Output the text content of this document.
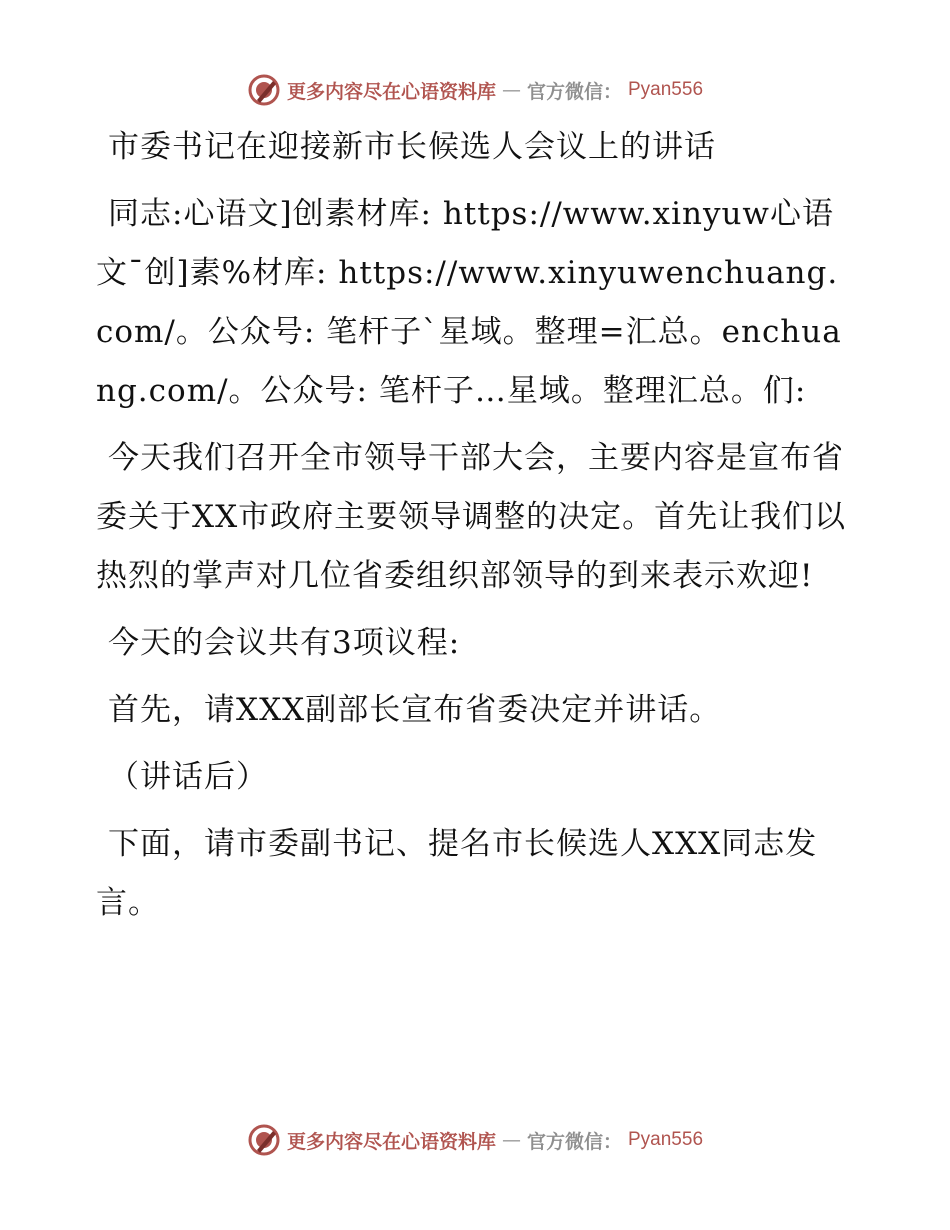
更多内容尽在心语资料库 — 官方微信： Pyan556

市委书记在迎接新市长候选人会议上的讲话

同志:心语文]创素材库: https://www.xinyuw心语文¯创]素%材库: https://www.xinyuwenchuang.com/。公众号: 笔杆子`星域。整理=汇总。enchuang.com/。公众号: 笔杆子…星域。整理汇总。们:

今天我们召开全市领导干部大会，主要内容是宣布省委关于XX市政府主要领导调整的决定。首先让我们以热烈的掌声对几位省委组织部领导的到来表示欢迎!

今天的会议共有3项议程:

首先，请XXX副部长宣布省委决定并讲话。

（讲话后）

下面，请市委副书记、提名市长候选人XXX同志发言。

更多内容尽在心语资料库 — 官方微信： Pyan556
